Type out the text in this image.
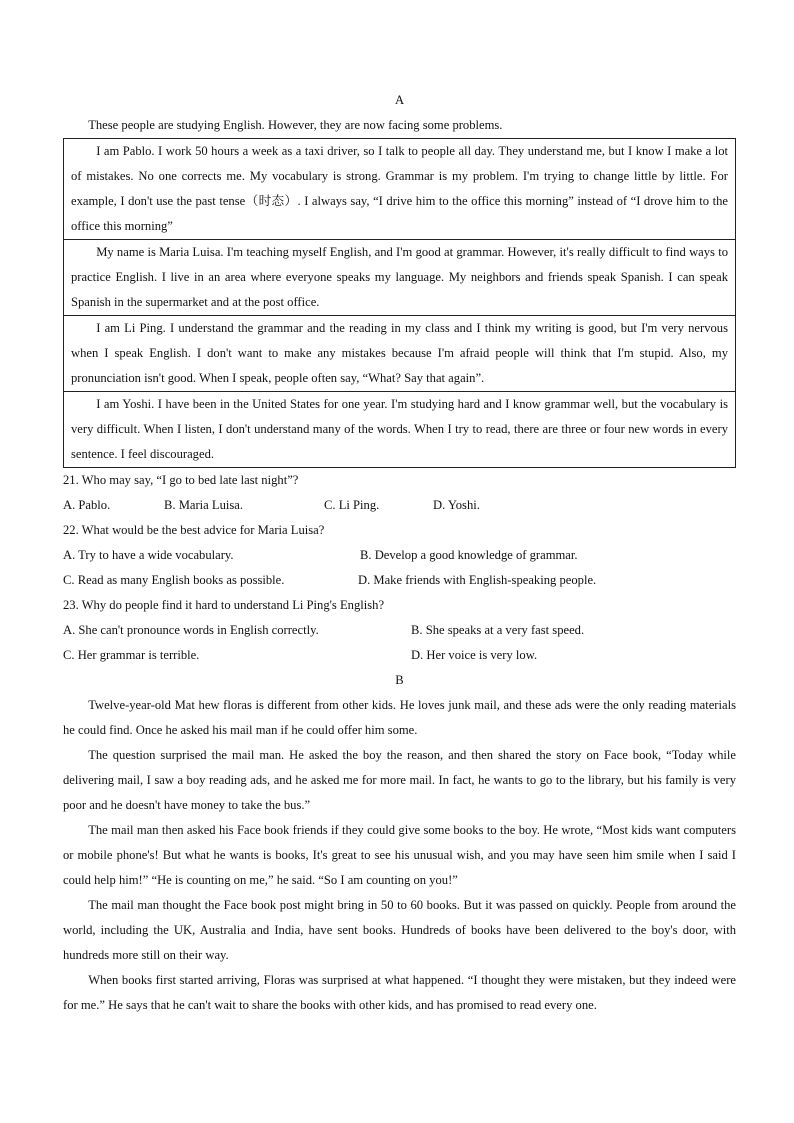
A

These people are studying English. However, they are now facing some problems.

I am Pablo. I work 50 hours a week as a taxi driver, so I talk to people all day. They understand me, but I know I make a lot of mistakes. No one corrects me. My vocabulary is strong. Grammar is my problem. I'm trying to change little by little. For example, I don't use the past tense（时态）. I always say, “I drive him to the office this morning” instead of “I drove him to the office this morning”

My name is Maria Luisa. I'm teaching myself English, and I'm good at grammar. However, it's really difficult to find ways to practice English. I live in an area where everyone speaks my language. My neighbors and friends speak Spanish. I can speak Spanish in the supermarket and at the post office.

I am Li Ping. I understand the grammar and the reading in my class and I think my writing is good, but I'm very nervous when I speak English. I don't want to make any mistakes because I'm afraid people will think that I'm stupid. Also, my pronunciation isn't good. When I speak, people often say, “What? Say that again”.

I am Yoshi. I have been in the United States for one year. I'm studying hard and I know grammar well, but the vocabulary is very difficult. When I listen, I don't understand many of the words. When I try to read, there are three or four new words in every sentence. I feel discouraged.

21. Who may say, “I go to bed late last night”?

A. Pablo.	B. Maria Luisa.	C. Li Ping.	D. Yoshi.

22. What would be the best advice for Maria Luisa?

A. Try to have a wide vocabulary.	B. Develop a good knowledge of grammar.
C. Read as many English books as possible.	D. Make friends with English-speaking people.

23. Why do people find it hard to understand Li Ping's English?

A. She can't pronounce words in English correctly.	B. She speaks at a very fast speed.
C. Her grammar is terrible.	D. Her voice is very low.
B

Twelve-year-old Mat hew floras is different from other kids. He loves junk mail, and these ads were the only reading materials he could find. Once he asked his mail man if he could offer him some.

The question surprised the mail man. He asked the boy the reason, and then shared the story on Face book, “Today while delivering mail, I saw a boy reading ads, and he asked me for more mail. In fact, he wants to go to the library, but his family is very poor and he doesn't have money to take the bus.”

The mail man then asked his Face book friends if they could give some books to the boy. He wrote, “Most kids want computers or mobile phone's! But what he wants is books, It's great to see his unusual wish, and you may have seen him smile when I said I could help him!” “He is counting on me,” he said. “So I am counting on you!”

The mail man thought the Face book post might bring in 50 to 60 books. But it was passed on quickly. People from around the world, including the UK, Australia and India, have sent books. Hundreds of books have been delivered to the boy's door, with hundreds more still on their way.

When books first started arriving, Floras was surprised at what happened. “I thought they were mistaken, but they indeed were for me.” He says that he can't wait to share the books with other kids, and has promised to read every one.
